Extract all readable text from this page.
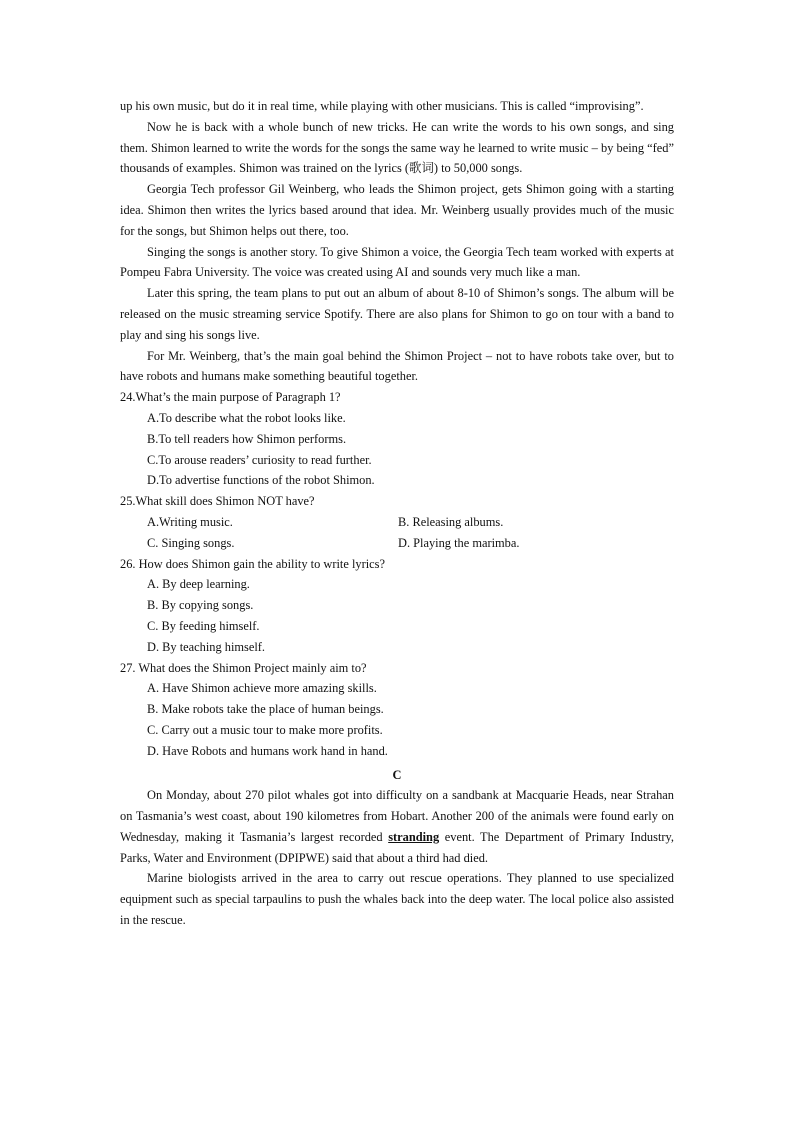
up his own music, but do it in real time, while playing with other musicians. This is called “improvising”.

Now he is back with a whole bunch of new tricks. He can write the words to his own songs, and sing them. Shimon learned to write the words for the songs the same way he learned to write music – by being “fed” thousands of examples. Shimon was trained on the lyrics (歌词) to 50,000 songs.

Georgia Tech professor Gil Weinberg, who leads the Shimon project, gets Shimon going with a starting idea. Shimon then writes the lyrics based around that idea. Mr. Weinberg usually provides much of the music for the songs, but Shimon helps out there, too.

Singing the songs is another story. To give Shimon a voice, the Georgia Tech team worked with experts at Pompeu Fabra University. The voice was created using AI and sounds very much like a man.

Later this spring, the team plans to put out an album of about 8-10 of Shimon’s songs. The album will be released on the music streaming service Spotify. There are also plans for Shimon to go on tour with a band to play and sing his songs live.

For Mr. Weinberg, that’s the main goal behind the Shimon Project – not to have robots take over, but to have robots and humans make something beautiful together.

24.What’s the main purpose of Paragraph 1?

A.To describe what the robot looks like.

B.To tell readers how Shimon performs.

C.To arouse readers’ curiosity to read further.

D.To advertise functions of the robot Shimon.

25.What skill does Shimon NOT have?

A.Writing music.	B. Releasing albums.
C. Singing songs.	D. Playing the marimba.

26. How does Shimon gain the ability to write lyrics?

A. By deep learning.

B. By copying songs.

C. By feeding himself.

D. By teaching himself.

27. What does the Shimon Project mainly aim to?

A. Have Shimon achieve more amazing skills.

B. Make robots take the place of human beings.

C. Carry out a music tour to make more profits.

D. Have Robots and humans work hand in hand.

C

On Monday, about 270 pilot whales got into difficulty on a sandbank at Macquarie Heads, near Strahan on Tasmania’s west coast, about 190 kilometres from Hobart. Another 200 of the animals were found early on Wednesday, making it Tasmania’s largest recorded stranding event. The Department of Primary Industry, Parks, Water and Environment (DPIPWE) said that about a third had died.

Marine biologists arrived in the area to carry out rescue operations. They planned to use specialized equipment such as special tarpaulins to push the whales back into the deep water. The local police also assisted in the rescue.
